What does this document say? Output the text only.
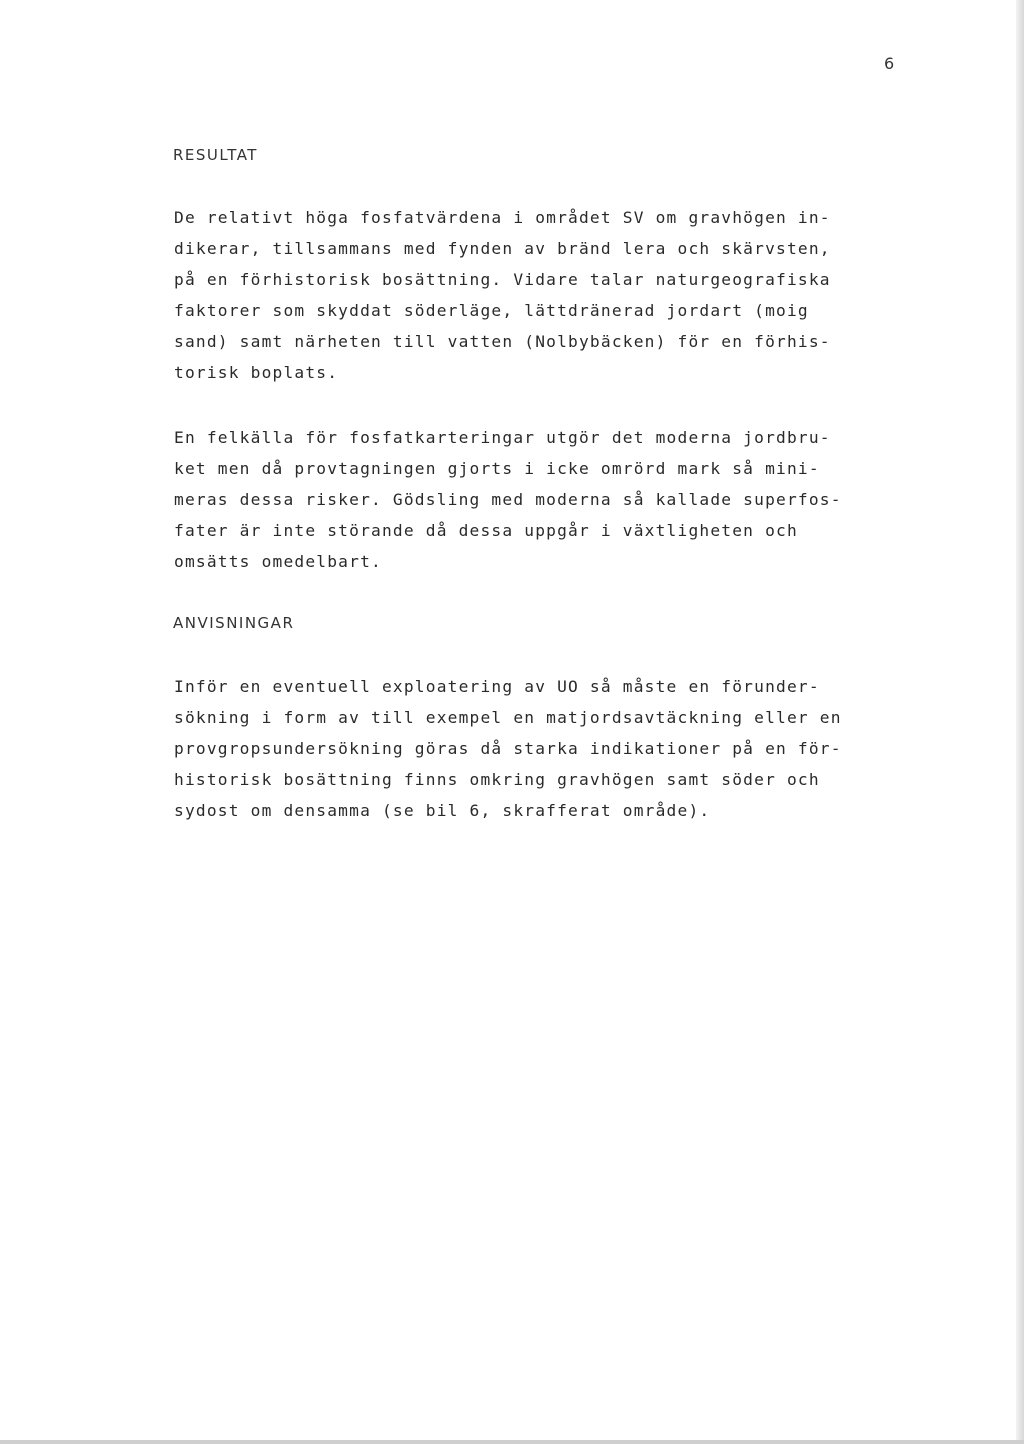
6
RESULTAT
De relativt höga fosfatvärdena i området SV om gravhögen in-
dikerar, tillsammans med fynden av bränd lera och skärvsten,
på en förhistorisk bosättning. Vidare talar naturgeografiska
faktorer som skyddat söderläge, lättdränerad jordart (moig
sand) samt närheten till vatten (Nolbybäcken) för en förhis-
torisk boplats.
En felkälla för fosfatkarteringar utgör det moderna jordbru-
ket men då provtagningen gjorts i icke omrörd mark så mini-
meras dessa risker. Gödsling med moderna så kallade superfos-
fater är inte störande då dessa uppgår i växtligheten och
omsätts omedelbart.
ANVISNINGAR
Inför en eventuell exploatering av UO så måste en förunder-
sökning i form av till exempel en matjordsavtäckning eller en
provgropsundersökning göras då starka indikationer på en för-
historisk bosättning finns omkring gravhögen samt söder och
sydost om densamma (se bil 6, skrafferat område).
